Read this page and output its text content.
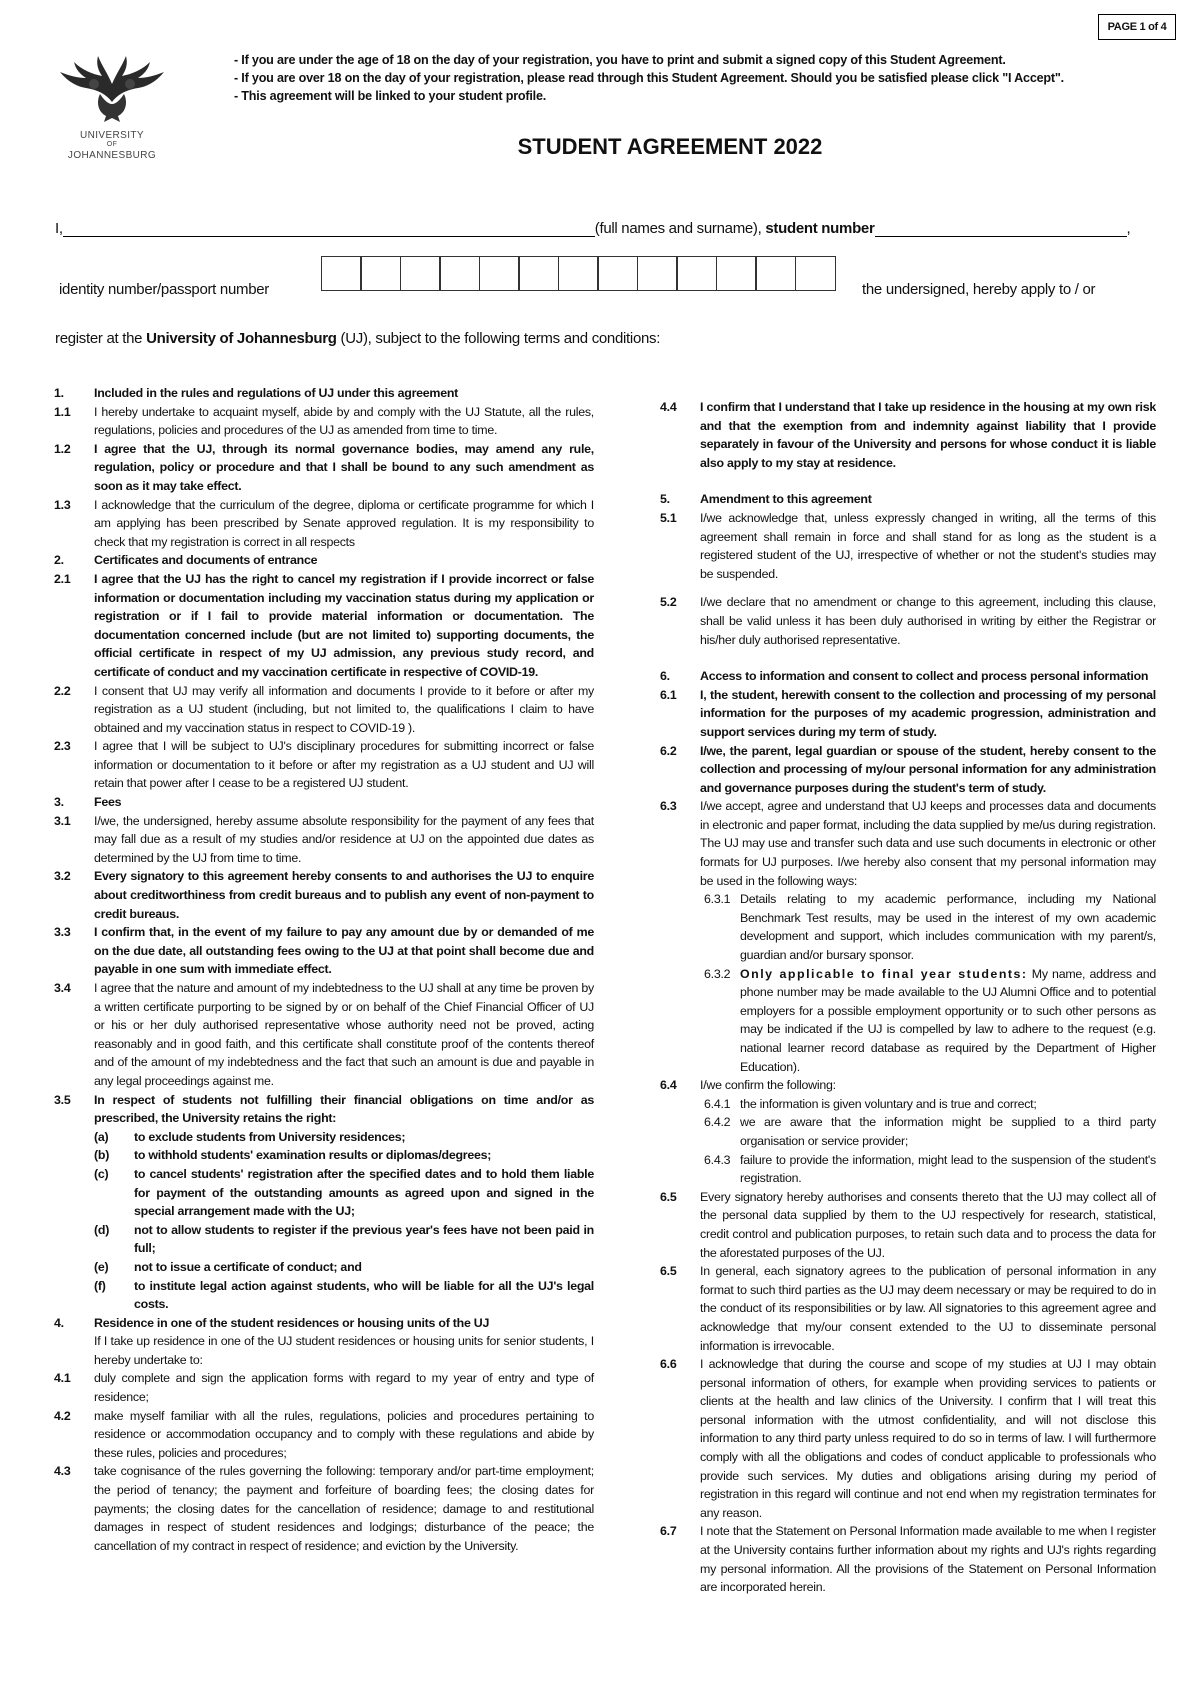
PAGE 1 of 4
UNIVERSITY
OF
JOHANNESBURG
- If you are under the age of 18 on the day of your registration, you have to print and submit a signed copy of this Student Agreement.
- If you are over 18 on the day of your registration, please read through this Student Agreement. Should you be satisfied please click "I Accept".
- This agreement will be linked to your student profile.
STUDENT AGREEMENT 2022
I,	(full names and surname), student number	,
identity number/passport number	the undersigned, hereby apply to / or
register at the University of Johannesburg (UJ), subject to the following terms and conditions:
1.	Included in the rules and regulations of UJ under this agreement
1.1	I hereby undertake to acquaint myself, abide by and comply with the UJ Statute, all the rules, regulations, policies and procedures of the UJ as amended from time to time.
1.2	I agree that the UJ, through its normal governance bodies, may amend any rule, regulation, policy or procedure and that I shall be bound to any such amendment as soon as it may take effect.
1.3	I acknowledge that the curriculum of the degree, diploma or certificate programme for which I am applying has been prescribed by Senate approved regulation. It is my responsibility to check that my registration is correct in all respects
2.	Certificates and documents of entrance
2.1	I agree that the UJ has the right to cancel my registration if I provide incorrect or false information or documentation including my vaccination status during my application or registration or if I fail to provide material information or documentation. The documentation concerned include (but are not limited to) supporting documents, the official certificate in respect of my UJ admission, any previous study record, and certificate of conduct and my vaccination certificate in respective of COVID-19.
2.2	I consent that UJ may verify all information and documents I provide to it before or after my registration as a UJ student (including, but not limited to, the qualifications I claim to have obtained and my vaccination status in respect to COVID-19 ).
2.3	I agree that I will be subject to UJ's disciplinary procedures for submitting incorrect or false information or documentation to it before or after my registration as a UJ student and UJ will retain that power after I cease to be a registered UJ student.
3.	Fees
3.1	I/we, the undersigned, hereby assume absolute responsibility for the payment of any fees that may fall due as a result of my studies and/or residence at UJ on the appointed due dates as determined by the UJ from time to time.
3.2	Every signatory to this agreement hereby consents to and authorises the UJ to enquire about creditworthiness from credit bureaus and to publish any event of non-payment to credit bureaus.
3.3	I confirm that, in the event of my failure to pay any amount due by or demanded of me on the due date, all outstanding fees owing to the UJ at that point shall become due and payable in one sum with immediate effect.
3.4	I agree that the nature and amount of my indebtedness to the UJ shall at any time be proven by a written certificate purporting to be signed by or on behalf of the Chief Financial Officer of UJ or his or her duly authorised representative whose authority need not be proved, acting reasonably and in good faith, and this certificate shall constitute proof of the contents thereof and of the amount of my indebtedness and the fact that such an amount is due and payable in any legal proceedings against me.
3.5	In respect of students not fulfilling their financial obligations on time and/or as prescribed, the University retains the right:
(a)	to exclude students from University residences;
(b)	to withhold students' examination results or diplomas/degrees;
(c)	to cancel students' registration after the specified dates and to hold them liable for payment of the outstanding amounts as agreed upon and signed in the special arrangement made with the UJ;
(d)	not to allow students to register if the previous year's fees have not been paid in full;
(e)	not to issue a certificate of conduct; and
(f)	to institute legal action against students, who will be liable for all the UJ's legal costs.
4.	Residence in one of the student residences or housing units of the UJ
If I take up residence in one of the UJ student residences or housing units for senior students, I hereby undertake to:
4.1	duly complete and sign the application forms with regard to my year of entry and type of residence;
4.2	make myself familiar with all the rules, regulations, policies and procedures pertaining to residence or accommodation occupancy and to comply with these regulations and abide by these rules, policies and procedures;
4.3	take cognisance of the rules governing the following: temporary and/or part-time employment; the period of tenancy; the payment and forfeiture of boarding fees; the closing dates for payments; the closing dates for the cancellation of residence; damage to and restitutional damages in respect of student residences and lodgings; disturbance of the peace; the cancellation of my contract in respect of residence; and eviction by the University.
4.4	I confirm that I understand that I take up residence in the housing at my own risk and that the exemption from and indemnity against liability that I provide separately in favour of the University and persons for whose conduct it is liable also apply to my stay at residence.
5.	Amendment to this agreement
5.1	I/we acknowledge that, unless expressly changed in writing, all the terms of this agreement shall remain in force and shall stand for as long as the student is a registered student of the UJ, irrespective of whether or not the student's studies may be suspended.
5.2	I/we declare that no amendment or change to this agreement, including this clause, shall be valid unless it has been duly authorised in writing by either the Registrar or his/her duly authorised representative.
6.	Access to information and consent to collect and process personal information
6.1	I, the student, herewith consent to the collection and processing of my personal information for the purposes of my academic progression, administration and support services during my term of study.
6.2	I/we, the parent, legal guardian or spouse of the student, hereby consent to the collection and processing of my/our personal information for any administration and governance purposes during the student's term of study.
6.3	I/we accept, agree and understand that UJ keeps and processes data and documents in electronic and paper format, including the data supplied by me/us during registration. The UJ may use and transfer such data and use such documents in electronic or other formats for UJ purposes. I/we hereby also consent that my personal information may be used in the following ways:
6.3.1 Details relating to my academic performance, including my National Benchmark Test results, may be used in the interest of my own academic development and support, which includes communication with my parent/s, guardian and/or bursary sponsor.
6.3.2 Only applicable to final year students: My name, address and phone number may be made available to the UJ Alumni Office and to potential employers for a possible employment opportunity or to such other persons as may be indicated if the UJ is compelled by law to adhere to the request (e.g. national learner record database as required by the Department of Higher Education).
6.4	I/we confirm the following:
6.4.1 the information is given voluntary and is true and correct;
6.4.2 we are aware that the information might be supplied to a third party organisation or service provider;
6.4.3 failure to provide the information, might lead to the suspension of the student's registration.
6.5	Every signatory hereby authorises and consents thereto that the UJ may collect all of the personal data supplied by them to the UJ respectively for research, statistical, credit control and publication purposes, to retain such data and to process the data for the aforestated purposes of the UJ.
6.5	In general, each signatory agrees to the publication of personal information in any format to such third parties as the UJ may deem necessary or may be required to do in the conduct of its responsibilities or by law. All signatories to this agreement agree and acknowledge that my/our consent extended to the UJ to disseminate personal information is irrevocable.
6.6	I acknowledge that during the course and scope of my studies at UJ I may obtain personal information of others, for example when providing services to patients or clients at the health and law clinics of the University. I confirm that I will treat this personal information with the utmost confidentiality, and will not disclose this information to any third party unless required to do so in terms of law. I will furthermore comply with all the obligations and codes of conduct applicable to professionals who provide such services. My duties and obligations arising during my period of registration in this regard will continue and not end when my registration terminates for any reason.
6.7	I note that the Statement on Personal Information made available to me when I register at the University contains further information about my rights and UJ's rights regarding my personal information. All the provisions of the Statement on Personal Information are incorporated herein.
